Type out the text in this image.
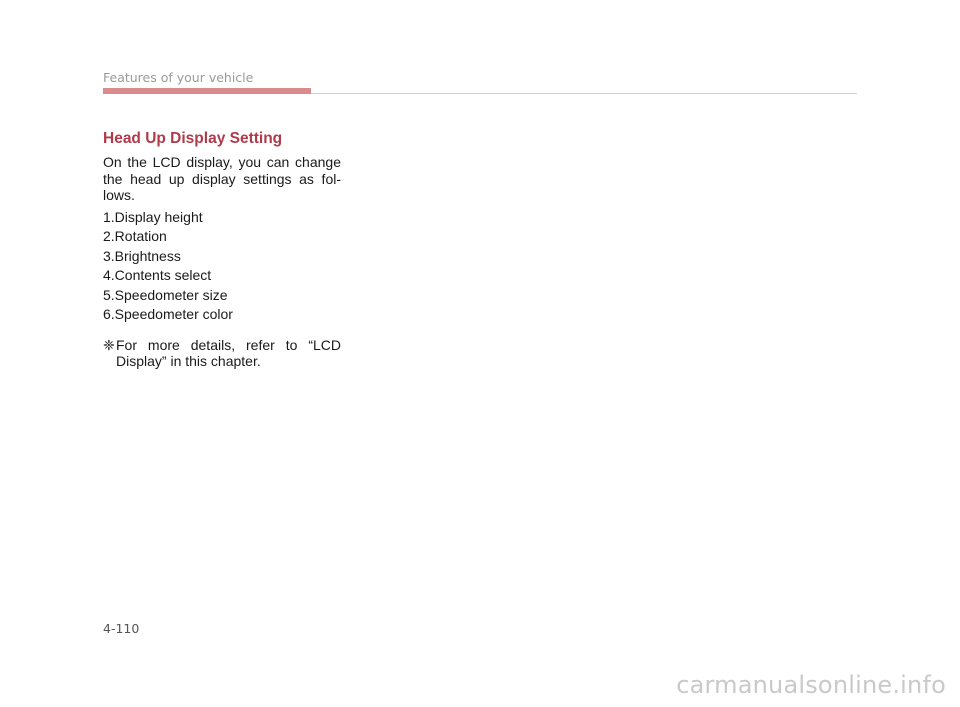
Features of your vehicle
Head Up Display Setting

On the LCD display, you can change the head up display settings as fol-lows.

1.Display height
2.Rotation
3.Brightness
4.Contents select
5.Speedometer size
6.Speedometer color
❈ For more details, refer to “LCD Display” in this chapter.
4-110
carmanualsonline.info
